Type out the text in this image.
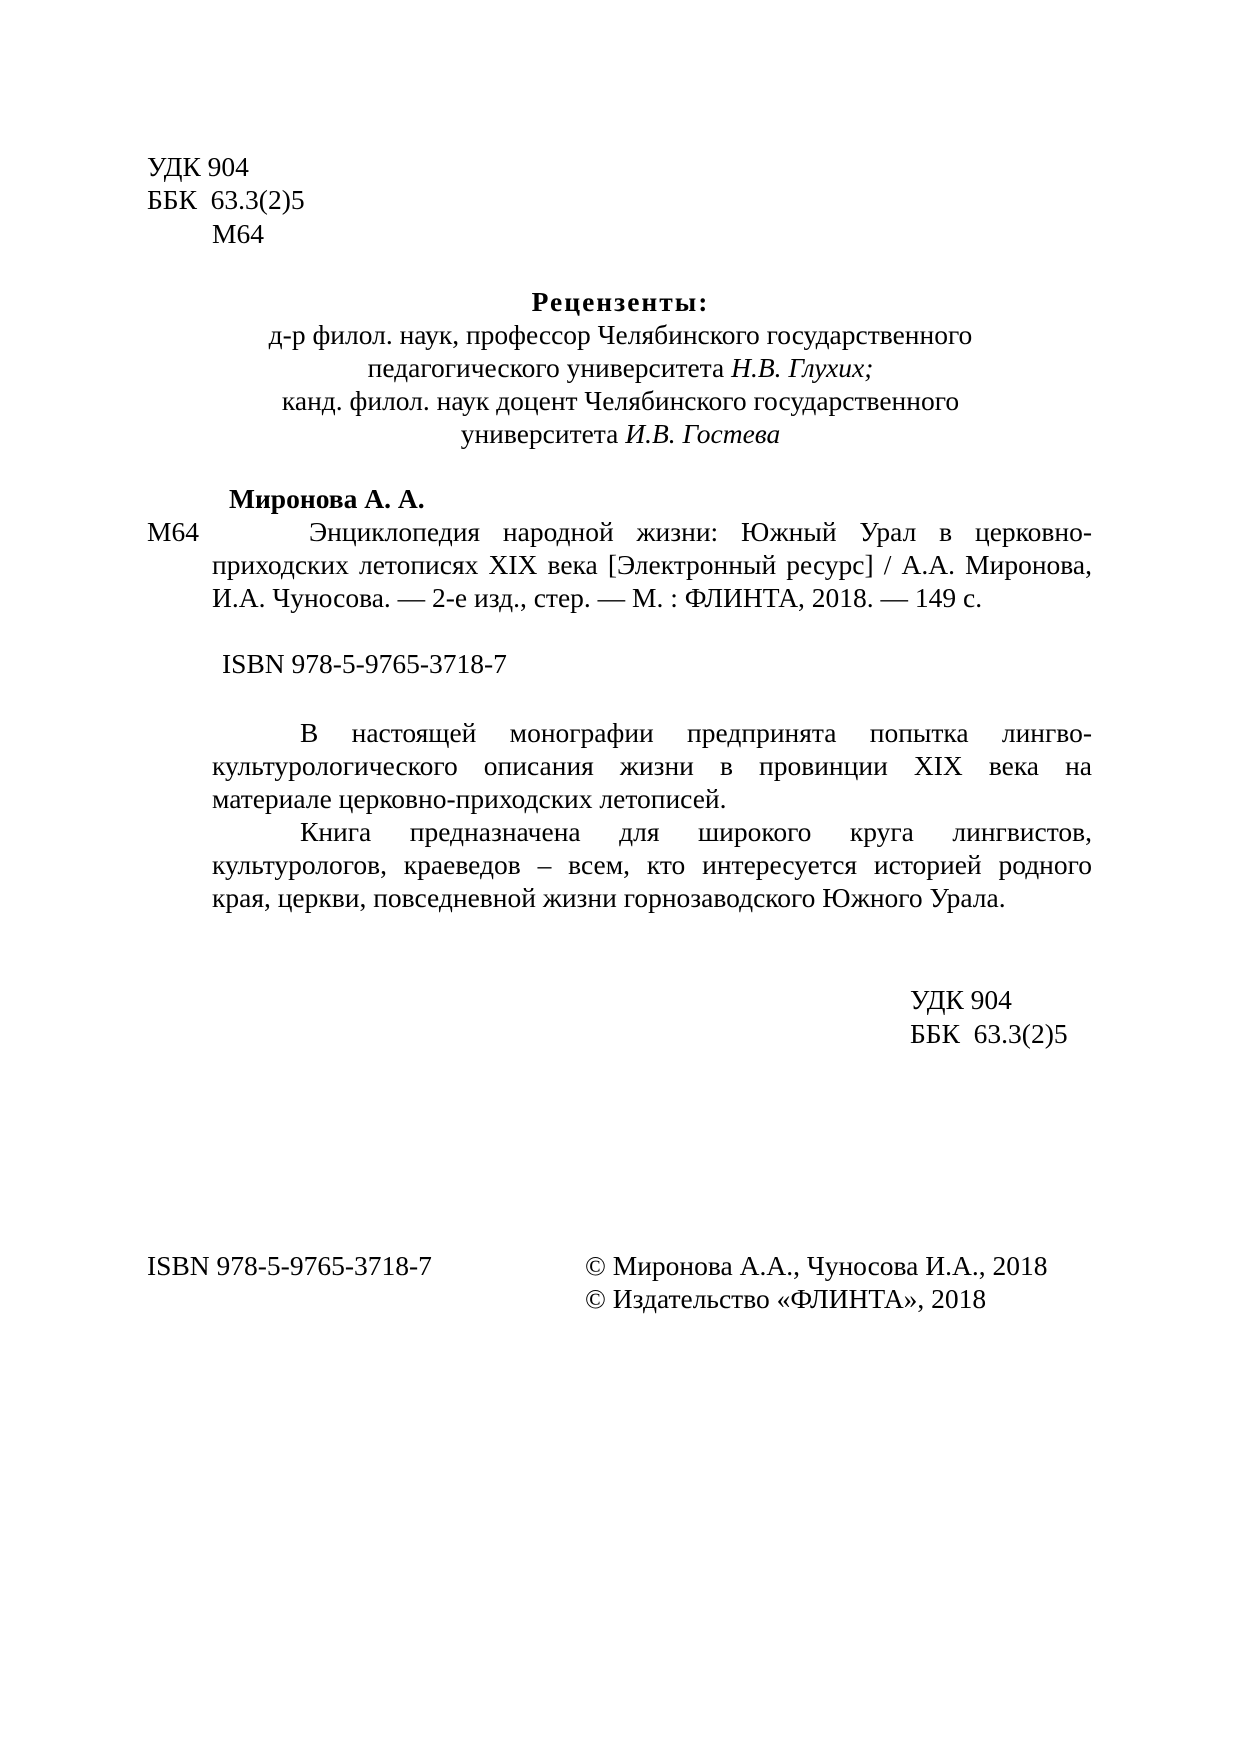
УДК 904
ББК  63.3(2)5
М64
Рецензенты:
д-р филол. наук, профессор Челябинского государственного
педагогического университета Н.В. Глухих;
канд. филол. наук доцент Челябинского государственного
университета И.В. Гостева
Миронова А. А.
М64	Энциклопедия народной жизни: Южный Урал в церковно-
приходских летописях XIX века [Электронный ресурс] / А.А. Миронова,
И.А. Чуносова. — 2-е изд., стер. — М. : ФЛИНТА, 2018. — 149 с.
ISBN 978-5-9765-3718-7
В настоящей монографии предпринята попытка лингво-
культурологического описания жизни в провинции XIX века на
материале церковно-приходских летописей.
Книга предназначена для широкого круга лингвистов,
культурологов, краеведов – всем, кто интересуется историей родного
края, церкви, повседневной жизни горнозаводского Южного Урала.
УДК 904
ББК  63.3(2)5
ISBN 978-5-9765-3718-7	© Миронова А.А., Чуносова И.А., 2018
© Издательство «ФЛИНТА», 2018
